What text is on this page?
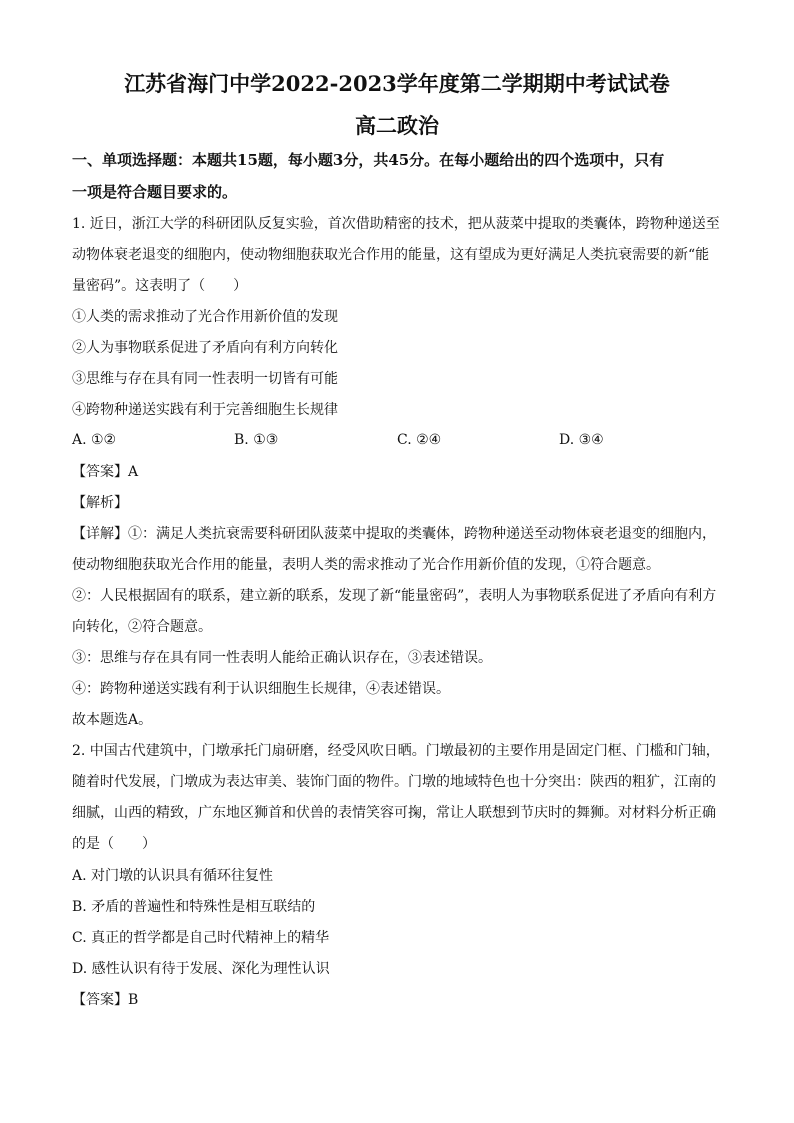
江苏省海门中学2022-2023学年度第二学期期中考试试卷
高二政治
一、单项选择题：本题共15题，每小题3分，共45分。在每小题给出的四个选项中，只有
一项是符合题目要求的。
1. 近日，浙江大学的科研团队反复实验，首次借助精密的技术，把从菠菜中提取的类囊体，跨物种递送至
动物体衰老退变的细胞内，使动物细胞获取光合作用的能量，这有望成为更好满足人类抗衰需要的新“能
量密码”。这表明了（　　）
①人类的需求推动了光合作用新价值的发现
②人为事物联系促进了矛盾向有利方向转化
③思维与存在具有同一性表明一切皆有可能
④跨物种递送实践有利于完善细胞生长规律
A. ①②	B. ①③	C. ②④	D. ③④
【答案】A
【解析】
【详解】①：满足人类抗衰需要科研团队菠菜中提取的类囊体，跨物种递送至动物体衰老退变的细胞内，
使动物细胞获取光合作用的能量，表明人类的需求推动了光合作用新价值的发现，①符合题意。
②：人民根据固有的联系，建立新的联系，发现了新“能量密码”，表明人为事物联系促进了矛盾向有利方
向转化，②符合题意。
③：思维与存在具有同一性表明人能给正确认识存在，③表述错误。
④：跨物种递送实践有利于认识细胞生长规律，④表述错误。
故本题选A。
2. 中国古代建筑中，门墩承托门扇研磨，经受风吹日晒。门墩最初的主要作用是固定门框、门槛和门轴，
随着时代发展，门墩成为表达审美、装饰门面的物件。门墩的地域特色也十分突出：陕西的粗犷，江南的
细腻，山西的精致，广东地区狮首和伏兽的表情笑容可掬，常让人联想到节庆时的舞狮。对材料分析正确
的是（　　）
A. 对门墩的认识具有循环往复性
B. 矛盾的普遍性和特殊性是相互联结的
C. 真正的哲学都是自己时代精神上的精华
D. 感性认识有待于发展、深化为理性认识
【答案】B
